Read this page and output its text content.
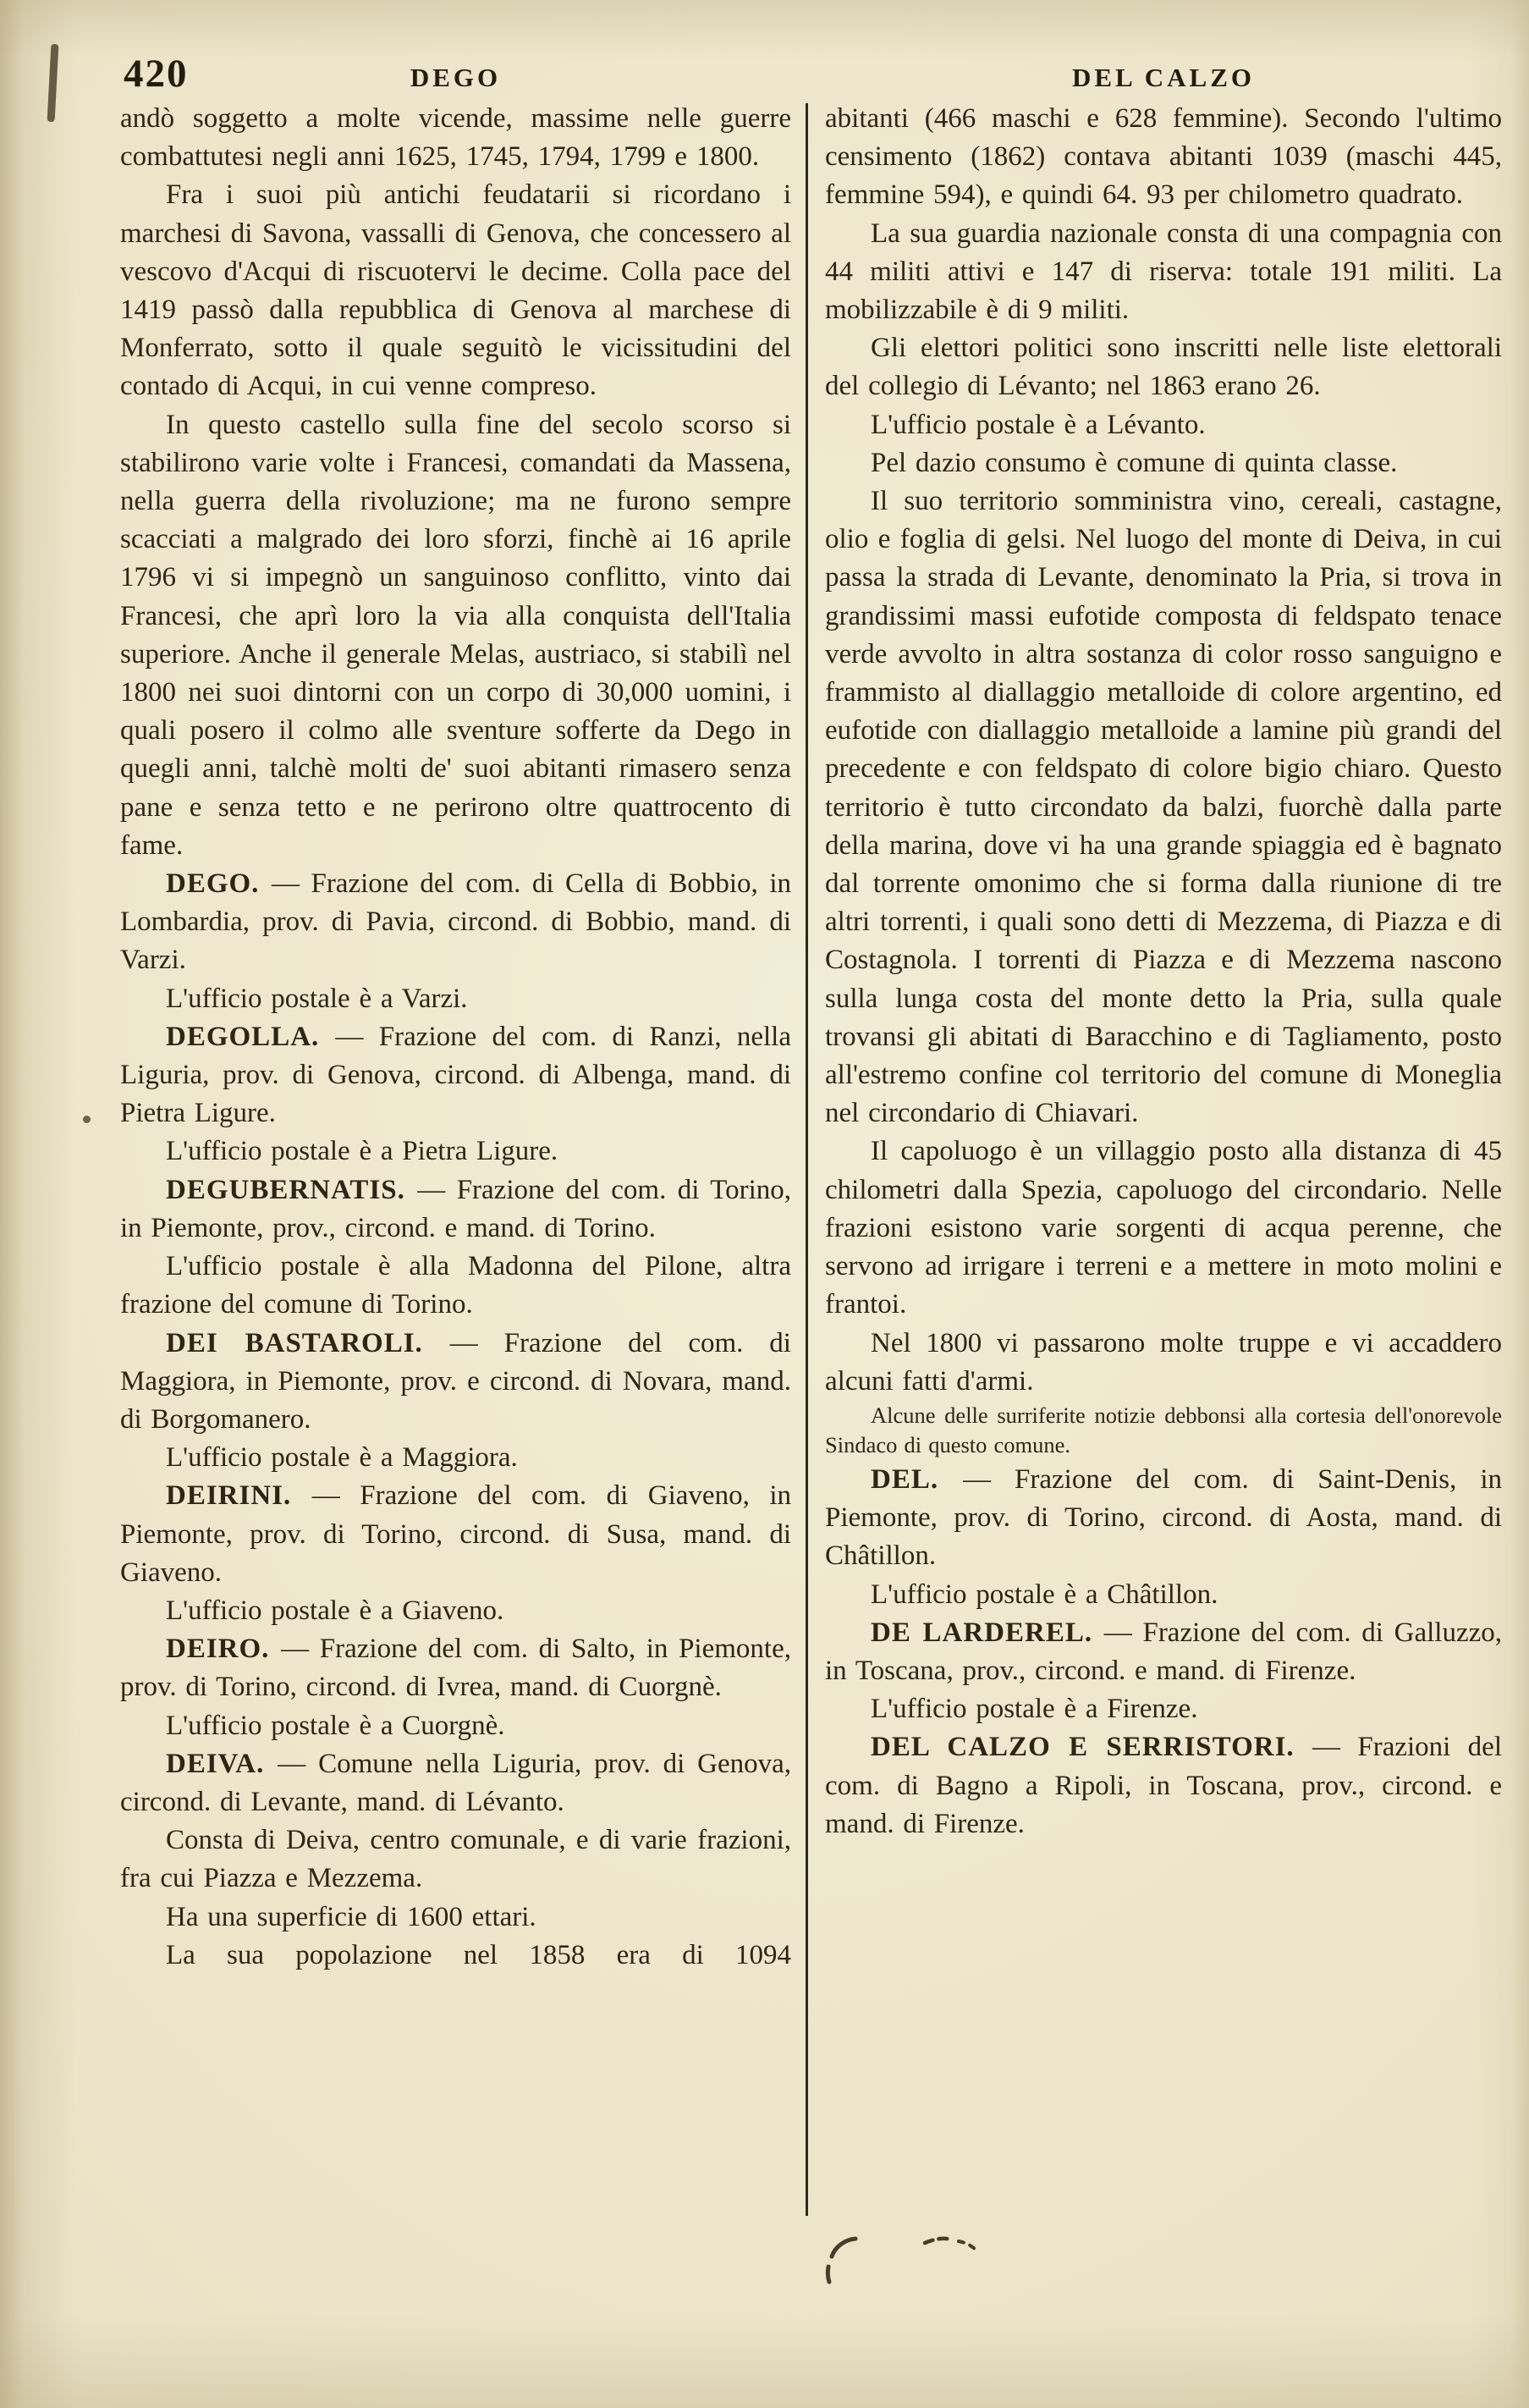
420	DEGO	DEL CALZO

andò soggetto a molte vicende, massime nelle guerre combattutesi negli anni 1625, 1745, 1794, 1799 e 1800.

Fra i suoi più antichi feudatarii si ricordano i marchesi di Savona, vassalli di Genova, che concessero al vescovo d'Acqui di riscuotervi le decime. Colla pace del 1419 passò dalla repubblica di Genova al marchese di Monferrato, sotto il quale seguitò le vicissitudini del contado di Acqui, in cui venne compreso.

In questo castello sulla fine del secolo scorso si stabilirono varie volte i Francesi, comandati da Massena, nella guerra della rivoluzione; ma ne furono sempre scacciati a malgrado dei loro sforzi, finchè ai 16 aprile 1796 vi si impegnò un sanguinoso conflitto, vinto dai Francesi, che aprì loro la via alla conquista dell'Italia superiore. Anche il generale Melas, austriaco, si stabilì nel 1800 nei suoi dintorni con un corpo di 30,000 uomini, i quali posero il colmo alle sventure sofferte da Dego in quegli anni, talchè molti de' suoi abitanti rimasero senza pane e senza tetto e ne perirono oltre quattrocento di fame.

DEGO. — Frazione del com. di Cella di Bobbio, in Lombardia, prov. di Pavia, circond. di Bobbio, mand. di Varzi.

L'ufficio postale è a Varzi.

DEGOLLA. — Frazione del com. di Ranzi, nella Liguria, prov. di Genova, circond. di Albenga, mand. di Pietra Ligure.

L'ufficio postale è a Pietra Ligure.

DEGUBERNATIS. — Frazione del com. di Torino, in Piemonte, prov., circond. e mand. di Torino.

L'ufficio postale è alla Madonna del Pilone, altra frazione del comune di Torino.

DEI BASTAROLI. — Frazione del com. di Maggiora, in Piemonte, prov. e circond. di Novara, mand. di Borgomanero.

L'ufficio postale è a Maggiora.

DEIRINI. — Frazione del com. di Giaveno, in Piemonte, prov. di Torino, circond. di Susa, mand. di Giaveno.

L'ufficio postale è a Giaveno.

DEIRO. — Frazione del com. di Salto, in Piemonte, prov. di Torino, circond. di Ivrea, mand. di Cuorgnè.

L'ufficio postale è a Cuorgnè.

DEIVA. — Comune nella Liguria, prov. di Genova, circond. di Levante, mand. di Lévanto.

Consta di Deiva, centro comunale, e di varie frazioni, fra cui Piazza e Mezzema.

Ha una superficie di 1600 ettari.

La sua popolazione nel 1858 era di 1094

abitanti (466 maschi e 628 femmine). Secondo l'ultimo censimento (1862) contava abitanti 1039 (maschi 445, femmine 594), e quindi 64. 93 per chilometro quadrato.

La sua guardia nazionale consta di una compagnia con 44 militi attivi e 147 di riserva: totale 191 militi. La mobilizzabile è di 9 militi.

Gli elettori politici sono inscritti nelle liste elettorali del collegio di Lévanto; nel 1863 erano 26.

L'ufficio postale è a Lévanto.

Pel dazio consumo è comune di quinta classe.

Il suo territorio somministra vino, cereali, castagne, olio e foglia di gelsi. Nel luogo del monte di Deiva, in cui passa la strada di Levante, denominato la Pria, si trova in grandissimi massi eufotide composta di feldspato tenace verde avvolto in altra sostanza di color rosso sanguigno e frammisto al diallaggio metalloide di colore argentino, ed eufotide con diallaggio metalloide a lamine più grandi del precedente e con feldspato di colore bigio chiaro. Questo territorio è tutto circondato da balzi, fuorchè dalla parte della marina, dove vi ha una grande spiaggia ed è bagnato dal torrente omonimo che si forma dalla riunione di tre altri torrenti, i quali sono detti di Mezzema, di Piazza e di Costagnola. I torrenti di Piazza e di Mezzema nascono sulla lunga costa del monte detto la Pria, sulla quale trovansi gli abitati di Baracchino e di Tagliamento, posto all'estremo confine col territorio del comune di Moneglia nel circondario di Chiavari.

Il capoluogo è un villaggio posto alla distanza di 45 chilometri dalla Spezia, capoluogo del circondario. Nelle frazioni esistono varie sorgenti di acqua perenne, che servono ad irrigare i terreni e a mettere in moto molini e frantoi.

Nel 1800 vi passarono molte truppe e vi accaddero alcuni fatti d'armi.

Alcune delle surriferite notizie debbonsi alla cortesia dell'onorevole Sindaco di questo comune.

DEL. — Frazione del com. di Saint-Denis, in Piemonte, prov. di Torino, circond. di Aosta, mand. di Châtillon.

L'ufficio postale è a Châtillon.

DE LARDEREL. — Frazione del com. di Galluzzo, in Toscana, prov., circond. e mand. di Firenze.

L'ufficio postale è a Firenze.

DEL CALZO E SERRISTORI. — Frazioni del com. di Bagno a Ripoli, in Toscana, prov., circond. e mand. di Firenze.
